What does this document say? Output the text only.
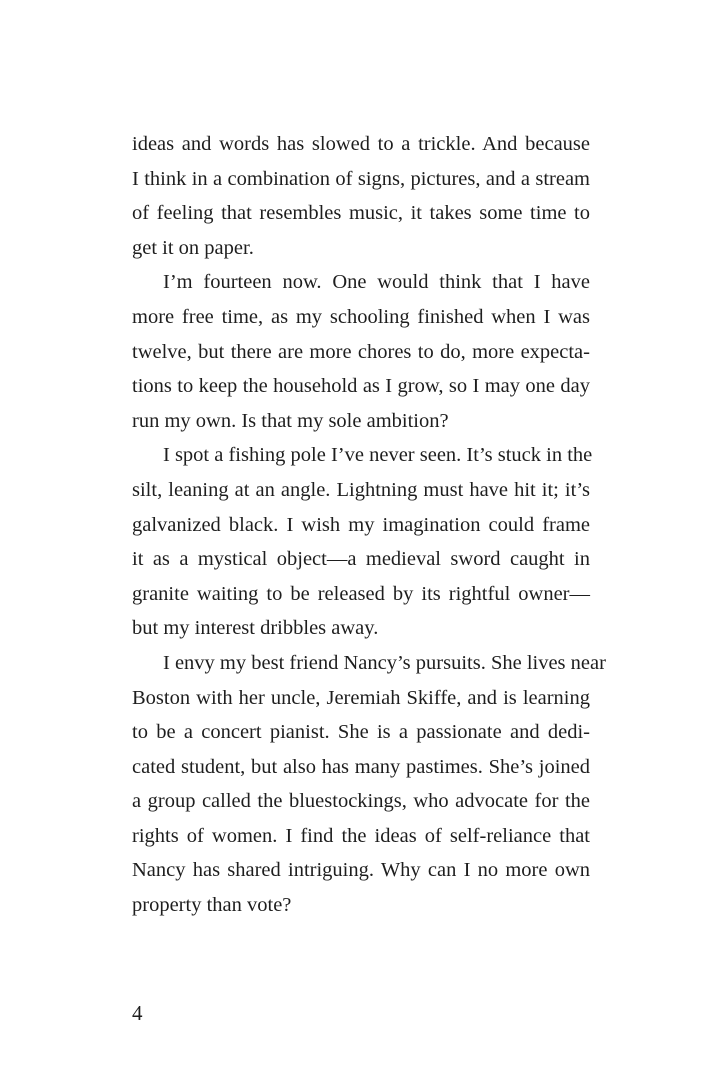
ideas and words has slowed to a trickle. And because
I think in a combination of signs, pictures, and a stream
of feeling that resembles music, it takes some time to
get it on paper.
I’m fourteen now. One would think that I have
more free time, as my schooling finished when I was
twelve, but there are more chores to do, more expecta-
tions to keep the household as I grow, so I may one day
run my own. Is that my sole ambition?
I spot a fishing pole I’ve never seen. It’s stuck in the
silt, leaning at an angle. Lightning must have hit it; it’s
galvanized black. I wish my imagination could frame
it as a mystical object—a medieval sword caught in
granite waiting to be released by its rightful owner—
but my interest dribbles away.
I envy my best friend Nancy’s pursuits. She lives near
Boston with her uncle, Jeremiah Skiffe, and is learning
to be a concert pianist. She is a passionate and dedi-
cated student, but also has many pastimes. She’s joined
a group called the bluestockings, who advocate for the
rights of women. I find the ideas of self-reliance that
Nancy has shared intriguing. Why can I no more own
property than vote?
4
